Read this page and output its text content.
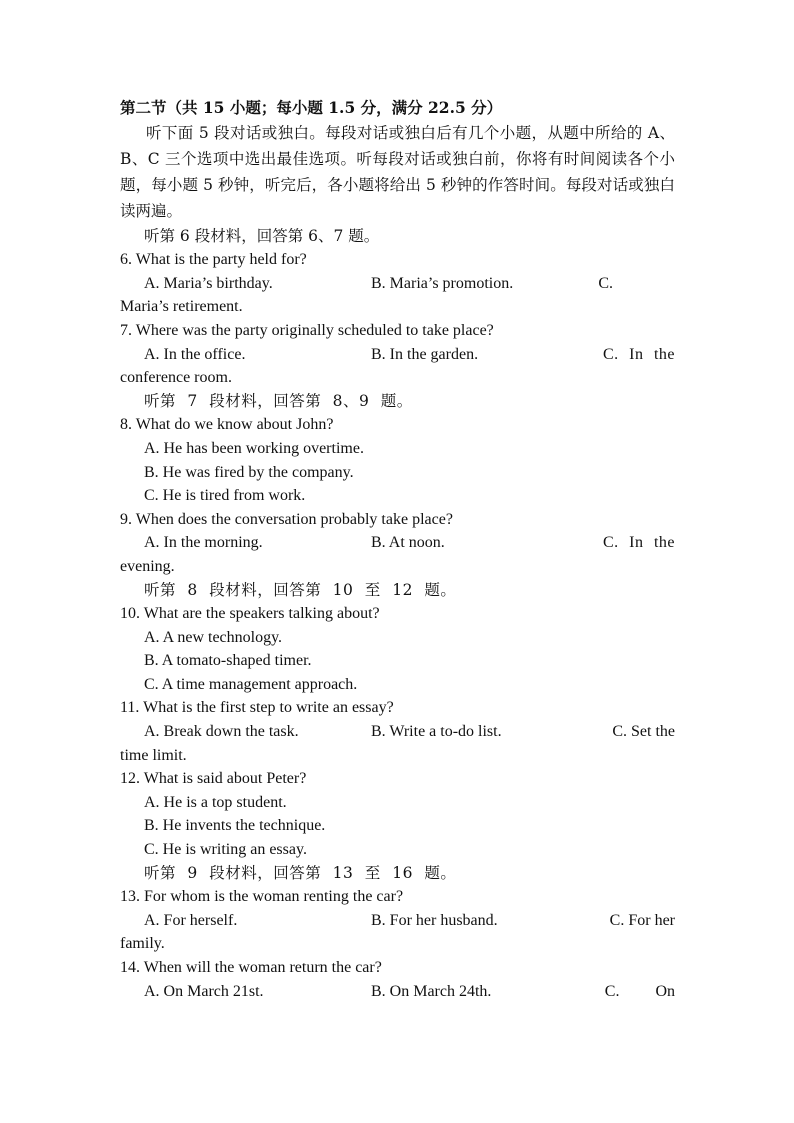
第二节（共 15 小题；每小题 1.5 分，满分 22.5 分）
听下面 5 段对话或独白。每段对话或独白后有几个小题，从题中所给的 A、B、C 三个选项中选出最佳选项。听每段对话或独白前，你将有时间阅读各个小题，每小题 5 秒钟，听完后，各小题将给出 5 秒钟的作答时间。每段对话或独白读两遍。
听第 6 段材料，回答第 6、7 题。
6. What is the party held for?
A. Maria’s birthday.	B. Maria’s promotion.	C.
Maria’s retirement.
7. Where was the party originally scheduled to take place?
A. In the office.	B. In the garden.	C. In the
conference room.
听第 7 段材料，回答第 8、9 题。
8. What do we know about John?
A. He has been working overtime.
B. He was fired by the company.
C. He is tired from work.
9. When does the conversation probably take place?
A. In the morning.	B. At noon.	C. In the
evening.
听第 8 段材料，回答第 10 至 12 题。
10. What are the speakers talking about?
A. A new technology.
B. A tomato-shaped timer.
C. A time management approach.
11. What is the first step to write an essay?
A. Break down the task.	B. Write a to-do list.	C. Set the
time limit.
12. What is said about Peter?
A. He is a top student.
B. He invents the technique.
C. He is writing an essay.
听第 9 段材料，回答第 13 至 16 题。
13. For whom is the woman renting the car?
A. For herself.	B. For her husband.	C. For her
family.
14. When will the woman return the car?
A. On March 21st.	B. On March 24th.	C.         On
